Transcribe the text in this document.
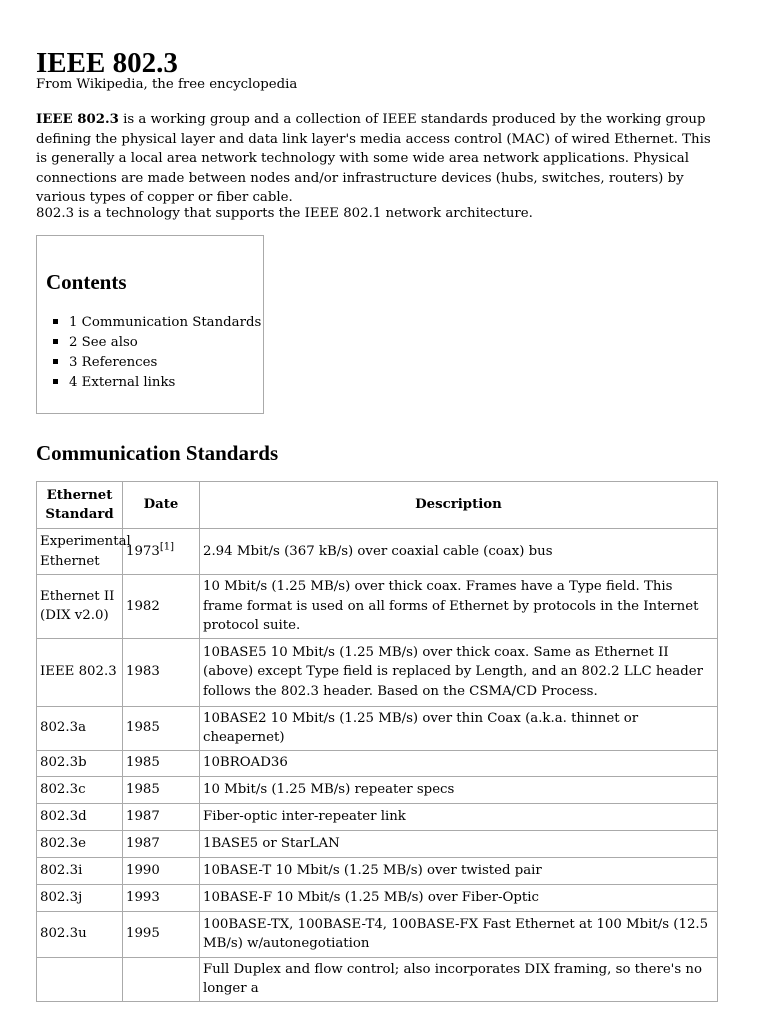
IEEE 802.3
From Wikipedia, the free encyclopedia
IEEE 802.3 is a working group and a collection of IEEE standards produced by the working group defining the physical layer and data link layer's media access control (MAC) of wired Ethernet. This is generally a local area network technology with some wide area network applications. Physical connections are made between nodes and/or infrastructure devices (hubs, switches, routers) by various types of copper or fiber cable.
802.3 is a technology that supports the IEEE 802.1 network architecture.
Contents
1 Communication Standards
2 See also
3 References
4 External links
Communication Standards
Ethernet Standard	Date	Description
Experimental Ethernet	1973[1]	2.94 Mbit/s (367 kB/s) over coaxial cable (coax) bus
Ethernet II (DIX v2.0)	1982	10 Mbit/s (1.25 MB/s) over thick coax. Frames have a Type field. This frame format is used on all forms of Ethernet by protocols in the Internet protocol suite.
IEEE 802.3	1983	10BASE5 10 Mbit/s (1.25 MB/s) over thick coax. Same as Ethernet II (above) except Type field is replaced by Length, and an 802.2 LLC header follows the 802.3 header. Based on the CSMA/CD Process.
802.3a	1985	10BASE2 10 Mbit/s (1.25 MB/s) over thin Coax (a.k.a. thinnet or cheapernet)
802.3b	1985	10BROAD36
802.3c	1985	10 Mbit/s (1.25 MB/s) repeater specs
802.3d	1987	Fiber-optic inter-repeater link
802.3e	1987	1BASE5 or StarLAN
802.3i	1990	10BASE-T 10 Mbit/s (1.25 MB/s) over twisted pair
802.3j	1993	10BASE-F 10 Mbit/s (1.25 MB/s) over Fiber-Optic
802.3u	1995	100BASE-TX, 100BASE-T4, 100BASE-FX Fast Ethernet at 100 Mbit/s (12.5 MB/s) w/autonegotiation
		Full Duplex and flow control; also incorporates DIX framing, so there's no longer a
